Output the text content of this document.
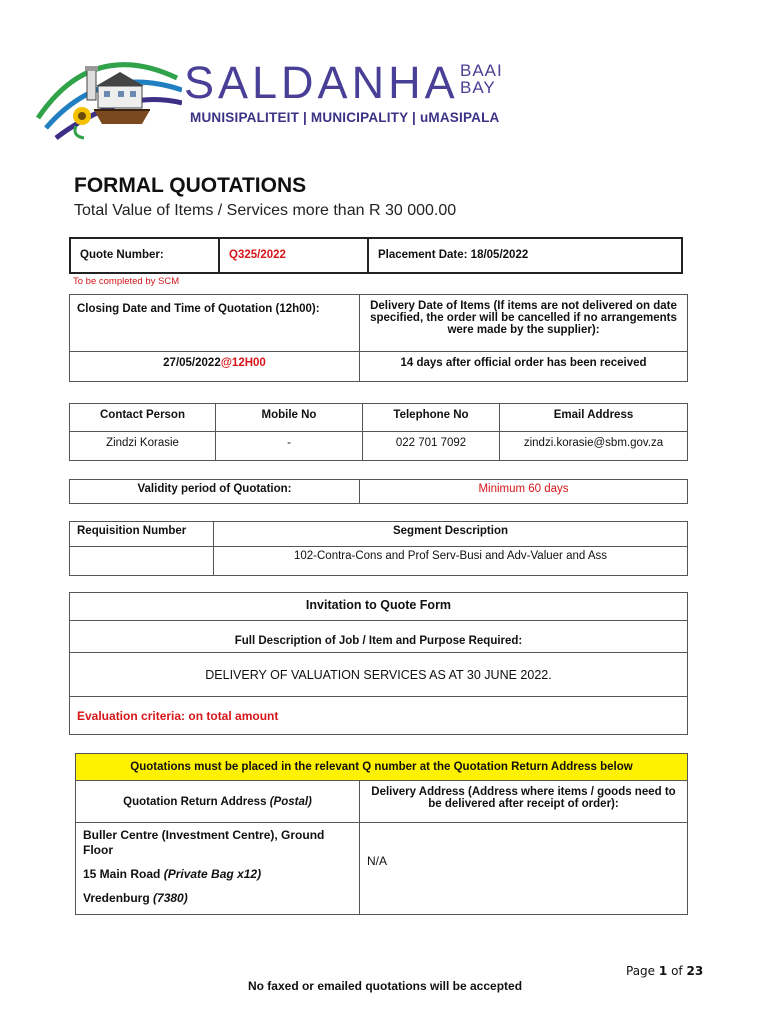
SALDANHA BAAI
BAY
MUNISIPALITEIT | MUNICIPALITY | uMASIPALA
FORMAL QUOTATIONS
Total Value of Items / Services more than R 30 000.00
Quote Number:	Q325/2022	Placement Date: 18/05/2022
To be completed by SCM
Closing Date and Time of Quotation (12h00):	Delivery Date of Items (If items are not delivered on date specified, the order will be cancelled if no arrangements were made by the supplier):
27/05/2022@12H00	14 days after official order has been received
Contact Person	Mobile No	Telephone No	Email Address
Zindzi Korasie	-	022 701 7092	zindzi.korasie@sbm.gov.za
Validity period of Quotation:	Minimum 60 days
Requisition Number	Segment Description
	102-Contra-Cons and Prof Serv-Busi and Adv-Valuer and Ass
Invitation to Quote Form
Full Description of Job / Item and Purpose Required:
DELIVERY OF VALUATION SERVICES AS AT 30 JUNE 2022.
Evaluation criteria: on total amount
Quotations must be placed in the relevant Q number at the Quotation Return Address below	
Quotation Return Address (Postal)	Delivery Address (Address where items / goods need to be delivered after receipt of order):

Buller Centre (Investment Centre), Ground Floor
15 Main Road (Private Bag x12)
Vredenburg (7380)	N/A
Page 1 of 23
No faxed or emailed quotations will be accepted
